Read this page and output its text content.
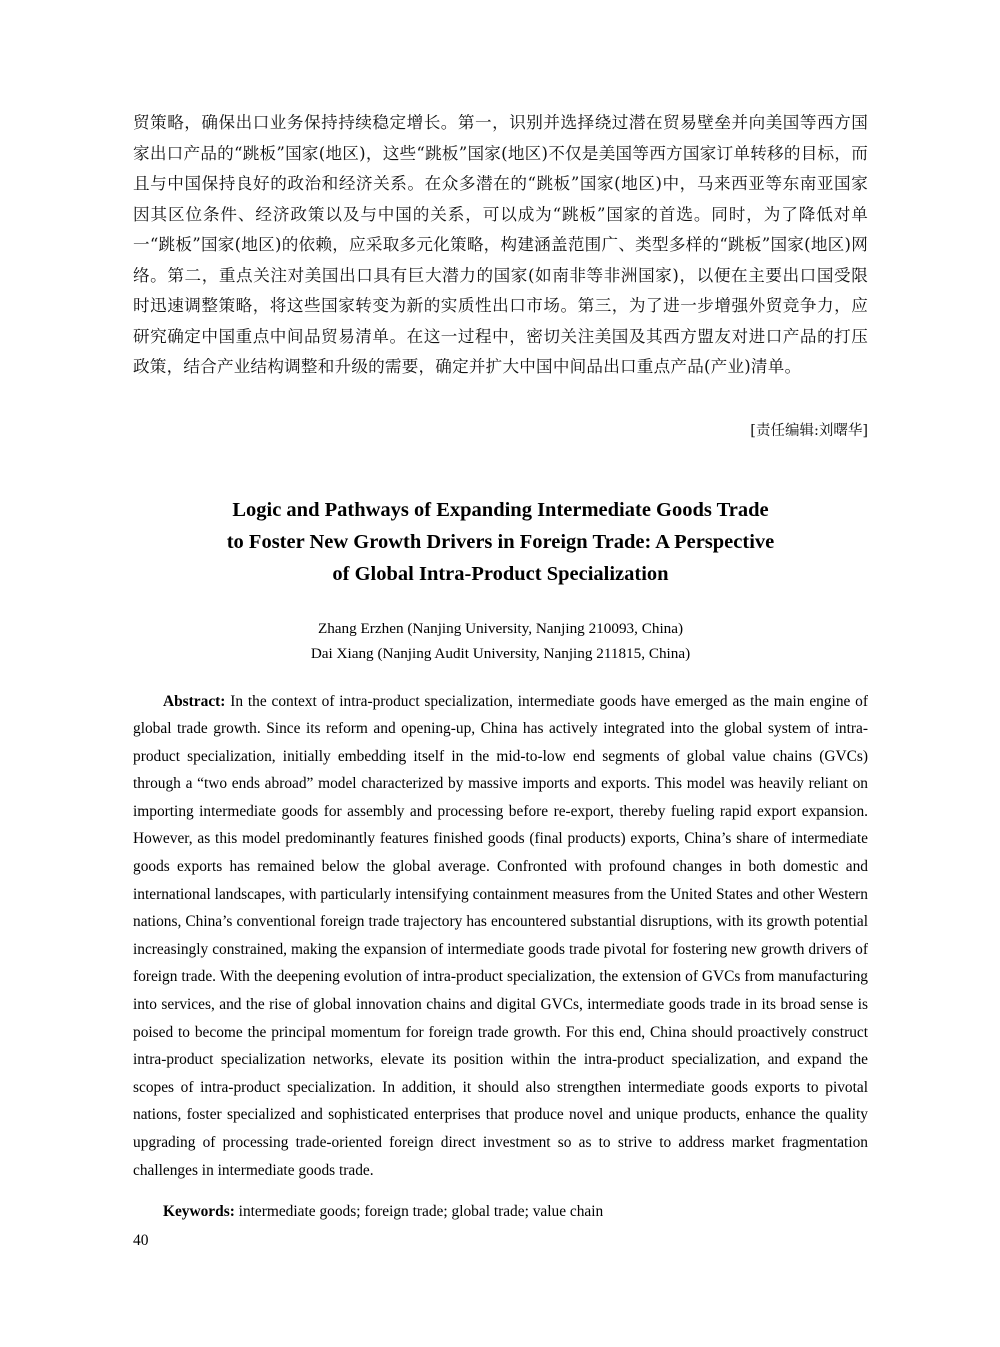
贸策略，确保出口业务保持持续稳定增长。第一，识别并选择绕过潜在贸易壁垒并向美国等西方国家出口产品的“跳板”国家(地区)，这些“跳板”国家(地区)不仅是美国等西方国家订单转移的目标，而且与中国保持良好的政治和经济关系。在众多潜在的“跳板”国家(地区)中，马来西亚等东南亚国家因其区位条件、经济政策以及与中国的关系，可以成为“跳板”国家的首选。同时，为了降低对单一“跳板”国家(地区)的依赖，应采取多元化策略，构建涵盖范围广、类型多样的“跳板”国家(地区)网络。第二，重点关注对美国出口具有巨大潜力的国家(如南非等非洲国家)，以便在主要出口国受限时迅速调整策略，将这些国家转变为新的实质性出口市场。第三，为了进一步增强外贸竞争力，应研究确定中国重点中间品贸易清单。在这一过程中，密切关注美国及其西方盟友对进口产品的打压政策，结合产业结构调整和升级的需要，确定并扩大中国中间品出口重点产品(产业)清单。

[责任编辑:刘曙华]
Logic and Pathways of Expanding Intermediate Goods Trade
to Foster New Growth Drivers in Foreign Trade: A Perspective
of Global Intra-Product Specialization
Zhang Erzhen (Nanjing University, Nanjing 210093, China)
Dai Xiang (Nanjing Audit University, Nanjing 211815, China)

Abstract: In the context of intra-product specialization, intermediate goods have emerged as the main engine of global trade growth. Since its reform and opening-up, China has actively integrated into the global system of intra-product specialization, initially embedding itself in the mid-to-low end segments of global value chains (GVCs) through a “two ends abroad” model characterized by massive imports and exports. This model was heavily reliant on importing intermediate goods for assembly and processing before re-export, thereby fueling rapid export expansion. However, as this model predominantly features finished goods (final products) exports, China’s share of intermediate goods exports has remained below the global average. Confronted with profound changes in both domestic and international landscapes, with particularly intensifying containment measures from the United States and other Western nations, China’s conventional foreign trade trajectory has encountered substantial disruptions, with its growth potential increasingly constrained, making the expansion of intermediate goods trade pivotal for fostering new growth drivers of foreign trade. With the deepening evolution of intra-product specialization, the extension of GVCs from manufacturing into services, and the rise of global innovation chains and digital GVCs, intermediate goods trade in its broad sense is poised to become the principal momentum for foreign trade growth. For this end, China should proactively construct intra-product specialization networks, elevate its position within the intra-product specialization, and expand the scopes of intra-product specialization. In addition, it should also strengthen intermediate goods exports to pivotal nations, foster specialized and sophisticated enterprises that produce novel and unique products, enhance the quality upgrading of processing trade-oriented foreign direct investment so as to strive to address market fragmentation challenges in intermediate goods trade.

Keywords: intermediate goods; foreign trade; global trade; value chain
40
